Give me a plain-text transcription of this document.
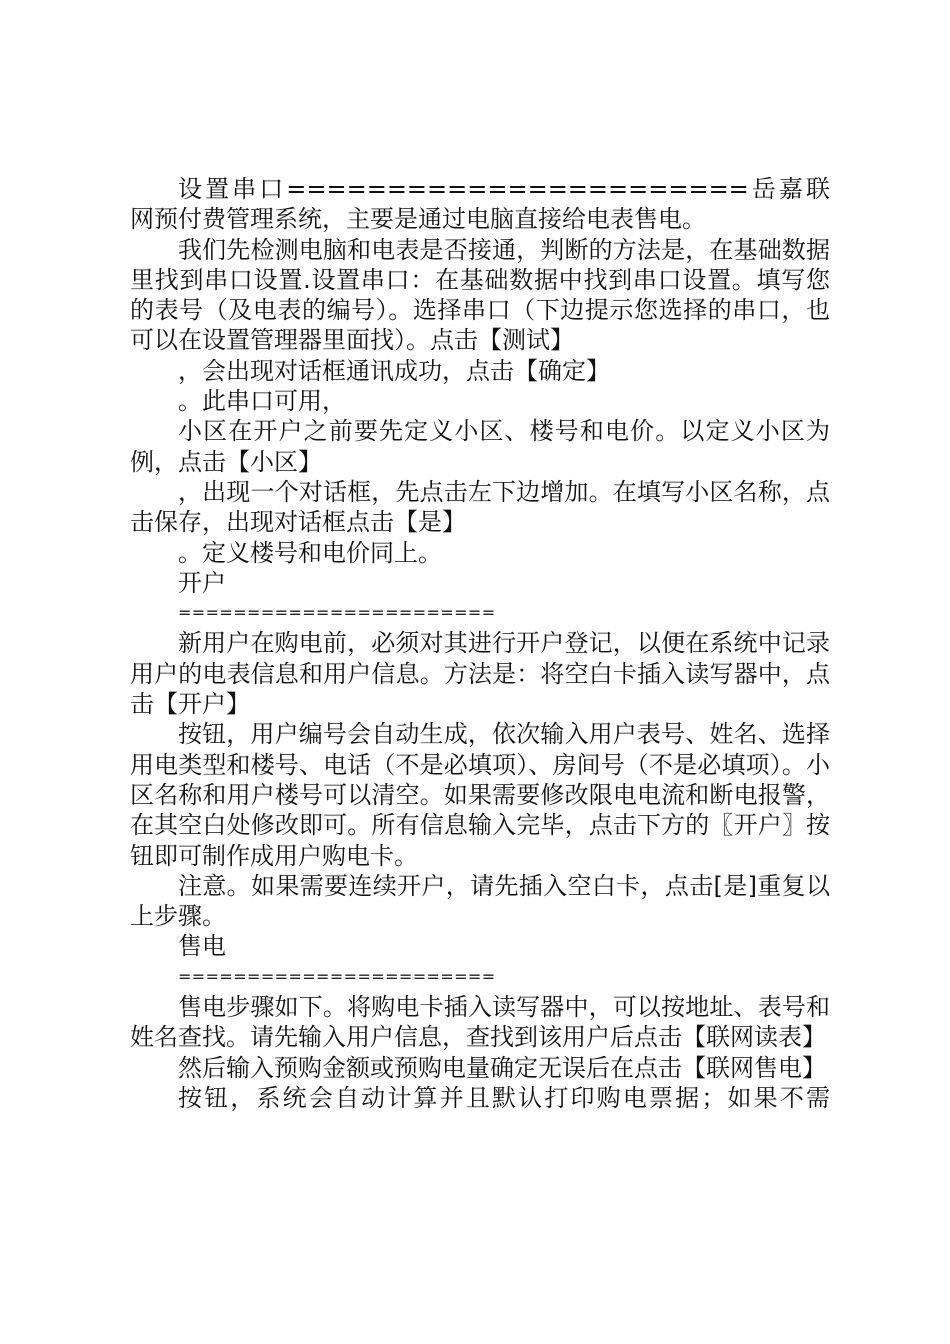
设置串口=======================岳嘉联网预付费管理系统，主要是通过电脑直接给电表售电。

我们先检测电脑和电表是否接通，判断的方法是，在基础数据里找到串口设置.设置串口：在基础数据中找到串口设置。填写您的表号（及电表的编号）。选择串口（下边提示您选择的串口，也可以在设置管理器里面找）。点击【测试】

，会出现对话框通讯成功，点击【确定】

。此串口可用，

小区在开户之前要先定义小区、楼号和电价。以定义小区为例，点击【小区】

，出现一个对话框，先点击左下边增加。在填写小区名称，点击保存，出现对话框点击【是】

。定义楼号和电价同上。

开户

=======================

新用户在购电前，必须对其进行开户登记，以便在系统中记录用户的电表信息和用户信息。方法是：将空白卡插入读写器中，点击【开户】

按钮，用户编号会自动生成，依次输入用户表号、姓名、选择用电类型和楼号、电话（不是必填项）、房间号（不是必填项）。小区名称和用户楼号可以清空。如果需要修改限电电流和断电报警，在其空白处修改即可。所有信息输入完毕，点击下方的〖开户〗按钮即可制作成用户购电卡。

注意。如果需要连续开户，请先插入空白卡，点击[是]重复以上步骤。

售电

=======================

售电步骤如下。将购电卡插入读写器中，可以按地址、表号和姓名查找。请先输入用户信息，查找到该用户后点击【联网读表】

然后输入预购金额或预购电量确定无误后在点击【联网售电】

按钮，系统会自动计算并且默认打印购电票据；如果不需
